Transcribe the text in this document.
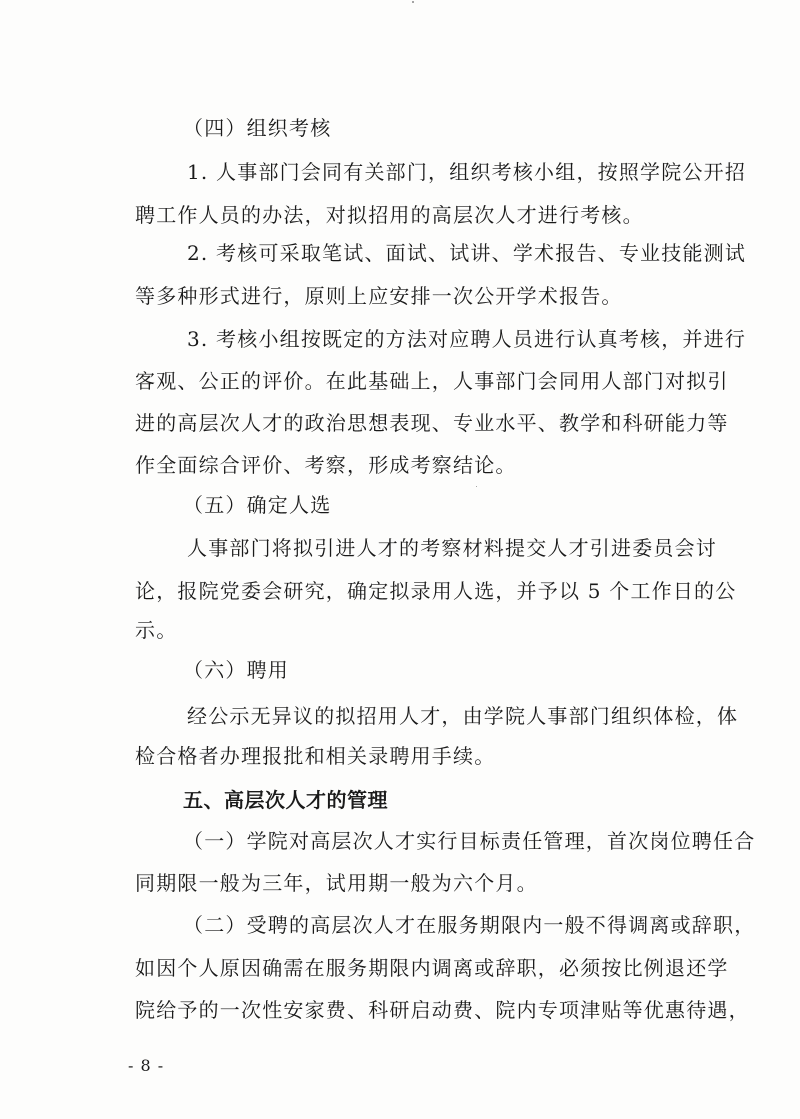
（四）组织考核
1. 人事部门会同有关部门，组织考核小组，按照学院公开招
聘工作人员的办法，对拟招用的高层次人才进行考核。
2. 考核可采取笔试、面试、试讲、学术报告、专业技能测试
等多种形式进行，原则上应安排一次公开学术报告。
3. 考核小组按既定的方法对应聘人员进行认真考核，并进行
客观、公正的评价。在此基础上，人事部门会同用人部门对拟引
进的高层次人才的政治思想表现、专业水平、教学和科研能力等
作全面综合评价、考察，形成考察结论。
（五）确定人选
人事部门将拟引进人才的考察材料提交人才引进委员会讨
论，报院党委会研究，确定拟录用人选，并予以 5 个工作日的公
示。
（六）聘用
经公示无异议的拟招用人才，由学院人事部门组织体检，体
检合格者办理报批和相关录聘用手续。
五、高层次人才的管理
（一）学院对高层次人才实行目标责任管理，首次岗位聘任合
同期限一般为三年，试用期一般为六个月。
（二）受聘的高层次人才在服务期限内一般不得调离或辞职，
如因个人原因确需在服务期限内调离或辞职，必须按比例退还学
院给予的一次性安家费、科研启动费、院内专项津贴等优惠待遇，
- 8 -
